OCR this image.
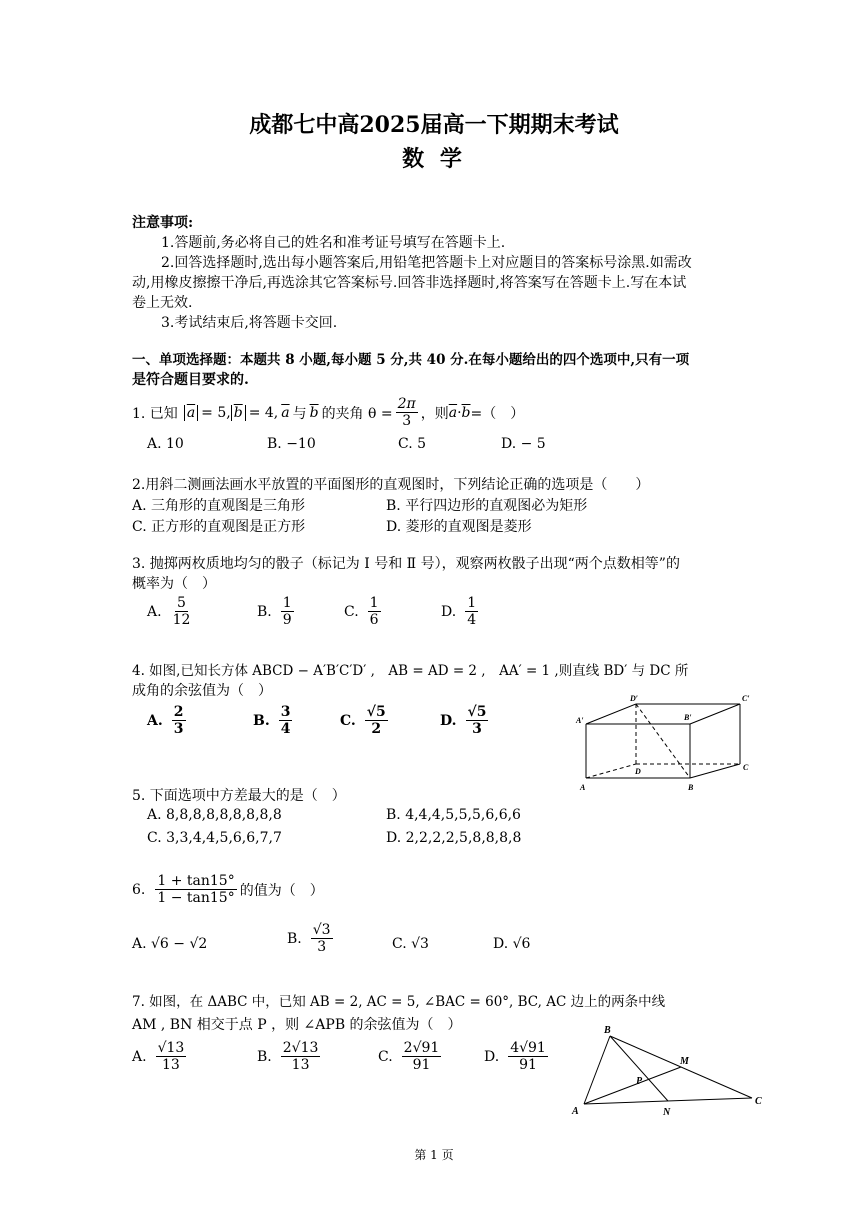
成都七中高2025届高一下期期末考试
数 学
注意事项:
1.答题前,务必将自己的姓名和准考证号填写在答题卡上.
2.回答选择题时,选出每小题答案后,用铅笔把答题卡上对应题目的答案标号涂黑.如需改
动,用橡皮擦擦干净后,再选涂其它答案标号.回答非选择题时,将答案写在答题卡上.写在本试
卷上无效.
3.考试结束后,将答题卡交回.
一、单项选择题：本题共 8 小题,每小题 5 分,共 40 分.在每小题给出的四个选项中,只有一项
是符合题目要求的.
1. 已知 $\overline{a} = 5$, $\overline{b} = 4$, $\overline{a}$ 与 $\overline{b}$ 的夹角 $\theta = \frac{2\pi}{3}$ ，则 $\overline{a} \cdot \overline{b}$ =（　）
A. 10	B. −10	C. 5	D. − 5
2.用斜二测画法画水平放置的平面图形的直观图时，下列结论正确的选项是（　　）
A. 三角形的直观图是三角形	B. 平行四边形的直观图必为矩形
C. 正方形的直观图是正方形	D. 菱形的直观图是菱形
3. 抛掷两枚质地均匀的骰子（标记为 Ⅰ 号和 Ⅱ 号），观察两枚骰子出现“两个点数相等”的
概率为（　）
A. $\frac{5}{12}$	B. $\frac{1}{9}$	C. $\frac{1}{6}$	D. $\frac{1}{4}$
4. 如图,已知长方体 ABCD − A′B′C′D′ ,　AB = AD = 2 ,　AA′ = 1 ,则直线 BD′ 与 DC 所
成角的余弦值为（　）
A. $\frac{2}{3}$	B. $\frac{3}{4}$	C. $\frac{√5}{2}$	D. $\frac{√5}{3}$
D′	C′
A′	B′
D	C
A	B
5. 下面选项中方差最大的是（　）
A. 8,8,8,8,8,8,8,8,8	B. 4,4,4,5,5,5,6,6,6
C. 3,3,4,4,5,6,6,7,7	D. 2,2,2,2,5,8,8,8,8
6. $\frac{1 + \tan 15^\circ}{1 - \tan 15^\circ}$ 的值为（　）
A. √6 − √2	B. $\frac{√3}{3}$	C. √3	D. √6
7. 如图，在 ΔABC 中，已知 AB = 2, AC = 5, ∠BAC = 60°, BC, AC 边上的两条中线
AM , BN 相交于点 P ，则 ∠APB 的余弦值为（　）
A. $\frac{√13}{13}$	B. $\frac{2√13}{13}$	C. $\frac{2√91}{91}$	D. $\frac{4√91}{91}$
B
M
P
A	N
C
第 1 页
